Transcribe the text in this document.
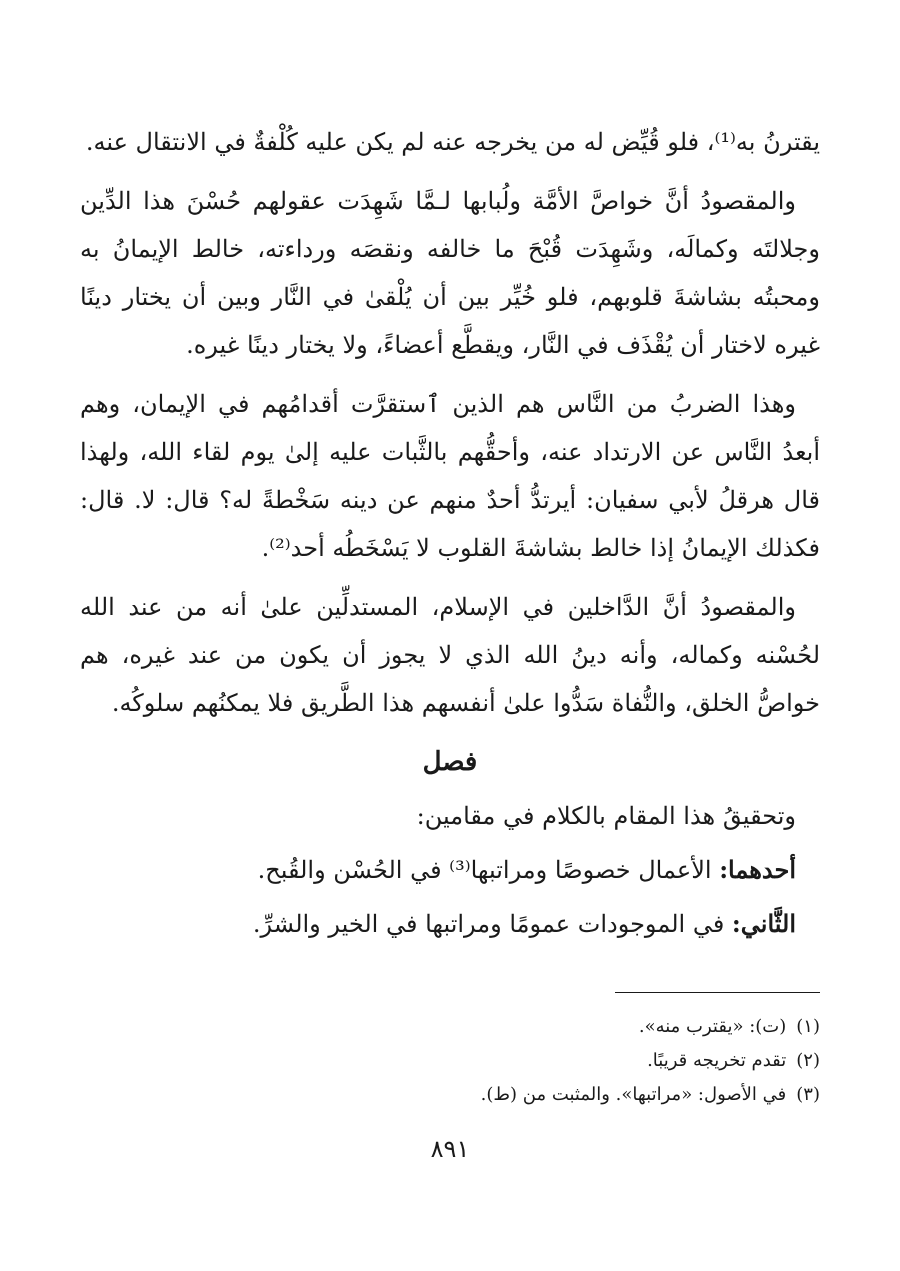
يقترنُ به⁽¹⁾، فلو قُيِّض له من يخرجه عنه لم يكن عليه كُلْفةٌ في الانتقال عنه.

والمقصودُ أنَّ خواصَّ الأمَّة ولُبابها لـمَّا شَهِدَت عقولهم حُسْنَ هذا الدِّين وجلالتَه وكمالَه، وشَهِدَت قُبْحَ ما خالفه ونقصَه ورداءته، خالط الإيمانُ به ومحبتُه بشاشةَ قلوبهم، فلو خُيِّر بين أن يُلْقىٰ في النَّار وبين أن يختار دينًا غيره لاختار أن يُقْذَف في النَّار، ويقطَّع أعضاءً، ولا يختار دينًا غيره.

وهذا الضربُ من النَّاس هم الذين ٱستقرَّت أقدامُهم في الإيمان، وهم أبعدُ النَّاس عن الارتداد عنه، وأحقُّهم بالثَّبات عليه إلىٰ يوم لقاء الله، ولهذا قال هرقلُ لأبي سفيان: أيرتدُّ أحدٌ منهم عن دينه سَخْطةً له؟ قال: لا. قال: فكذلك الإيمانُ إذا خالط بشاشةَ القلوب لا يَسْخَطُه أحد⁽²⁾.

والمقصودُ أنَّ الدَّاخلين في الإسلام، المستدلِّين علىٰ أنه من عند الله لحُسْنه وكماله، وأنه دينُ الله الذي لا يجوز أن يكون من عند غيره، هم خواصُّ الخلق، والنُّفاة سَدُّوا علىٰ أنفسهم هذا الطَّريق فلا يمكنُهم سلوكُه.

فصل
وتحقيقُ هذا المقام بالكلام في مقامين:
أحدهما: الأعمال خصوصًا ومراتبها⁽³⁾ في الحُسْن والقُبح.
الثَّاني: في الموجودات عمومًا ومراتبها في الخير والشرِّ.

(١)(ت): «يقترب منه».

(٢)تقدم تخريجه قريبًا.

(٣)في الأصول: «مراتبها». والمثبت من (ط).

٨٩١
